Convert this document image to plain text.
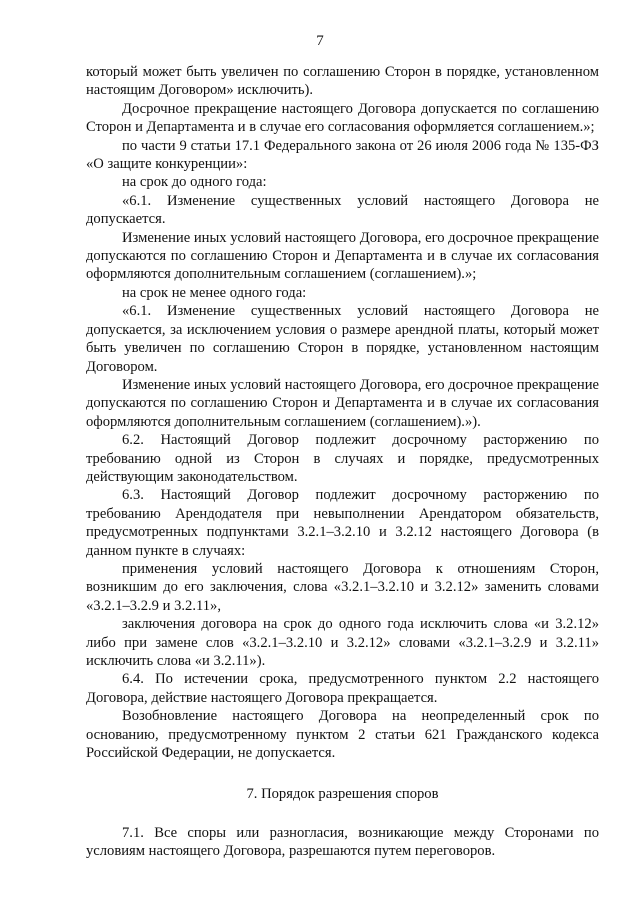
7

который может быть увеличен по соглашению Сторон в порядке, установленном настоящим Договором» исключить).

Досрочное прекращение настоящего Договора допускается по соглашению Сторон и Департамента и в случае его согласования оформляется соглашением.»;

по части 9 статьи 17.1 Федерального закона от 26 июля 2006 года № 135-ФЗ «О защите конкуренции»:

на срок до одного года:

«6.1. Изменение существенных условий настоящего Договора не допускается.

Изменение иных условий настоящего Договора, его досрочное прекращение допускаются по соглашению Сторон и Департамента и в случае их согласования оформляются дополнительным соглашением (соглашением).»;

на срок не менее одного года:

«6.1. Изменение существенных условий настоящего Договора не допускается, за исключением условия о размере арендной платы, который может быть увеличен по соглашению Сторон в порядке, установленном настоящим Договором.

Изменение иных условий настоящего Договора, его досрочное прекращение допускаются по соглашению Сторон и Департамента и в случае их согласования оформляются дополнительным соглашением (соглашением).»).

6.2. Настоящий Договор подлежит досрочному расторжению по требованию одной из Сторон в случаях и порядке, предусмотренных действующим законодательством.

6.3. Настоящий Договор подлежит досрочному расторжению по требованию Арендодателя при невыполнении Арендатором обязательств, предусмотренных подпунктами 3.2.1–3.2.10 и 3.2.12 настоящего Договора (в данном пункте в случаях:

применения условий настоящего Договора к отношениям Сторон, возникшим до его заключения, слова «3.2.1–3.2.10 и 3.2.12» заменить словами «3.2.1–3.2.9 и 3.2.11»,

заключения договора на срок до одного года исключить слова «и 3.2.12» либо при замене слов «3.2.1–3.2.10 и 3.2.12» словами «3.2.1–3.2.9 и 3.2.11» исключить слова «и 3.2.11»).

6.4. По истечении срока, предусмотренного пунктом 2.2 настоящего Договора, действие настоящего Договора прекращается.

Возобновление настоящего Договора на неопределенный срок по основанию, предусмотренному пунктом 2 статьи 621 Гражданского кодекса Российской Федерации, не допускается.

7. Порядок разрешения споров

7.1. Все споры или разногласия, возникающие между Сторонами по условиям настоящего Договора, разрешаются путем переговоров.
